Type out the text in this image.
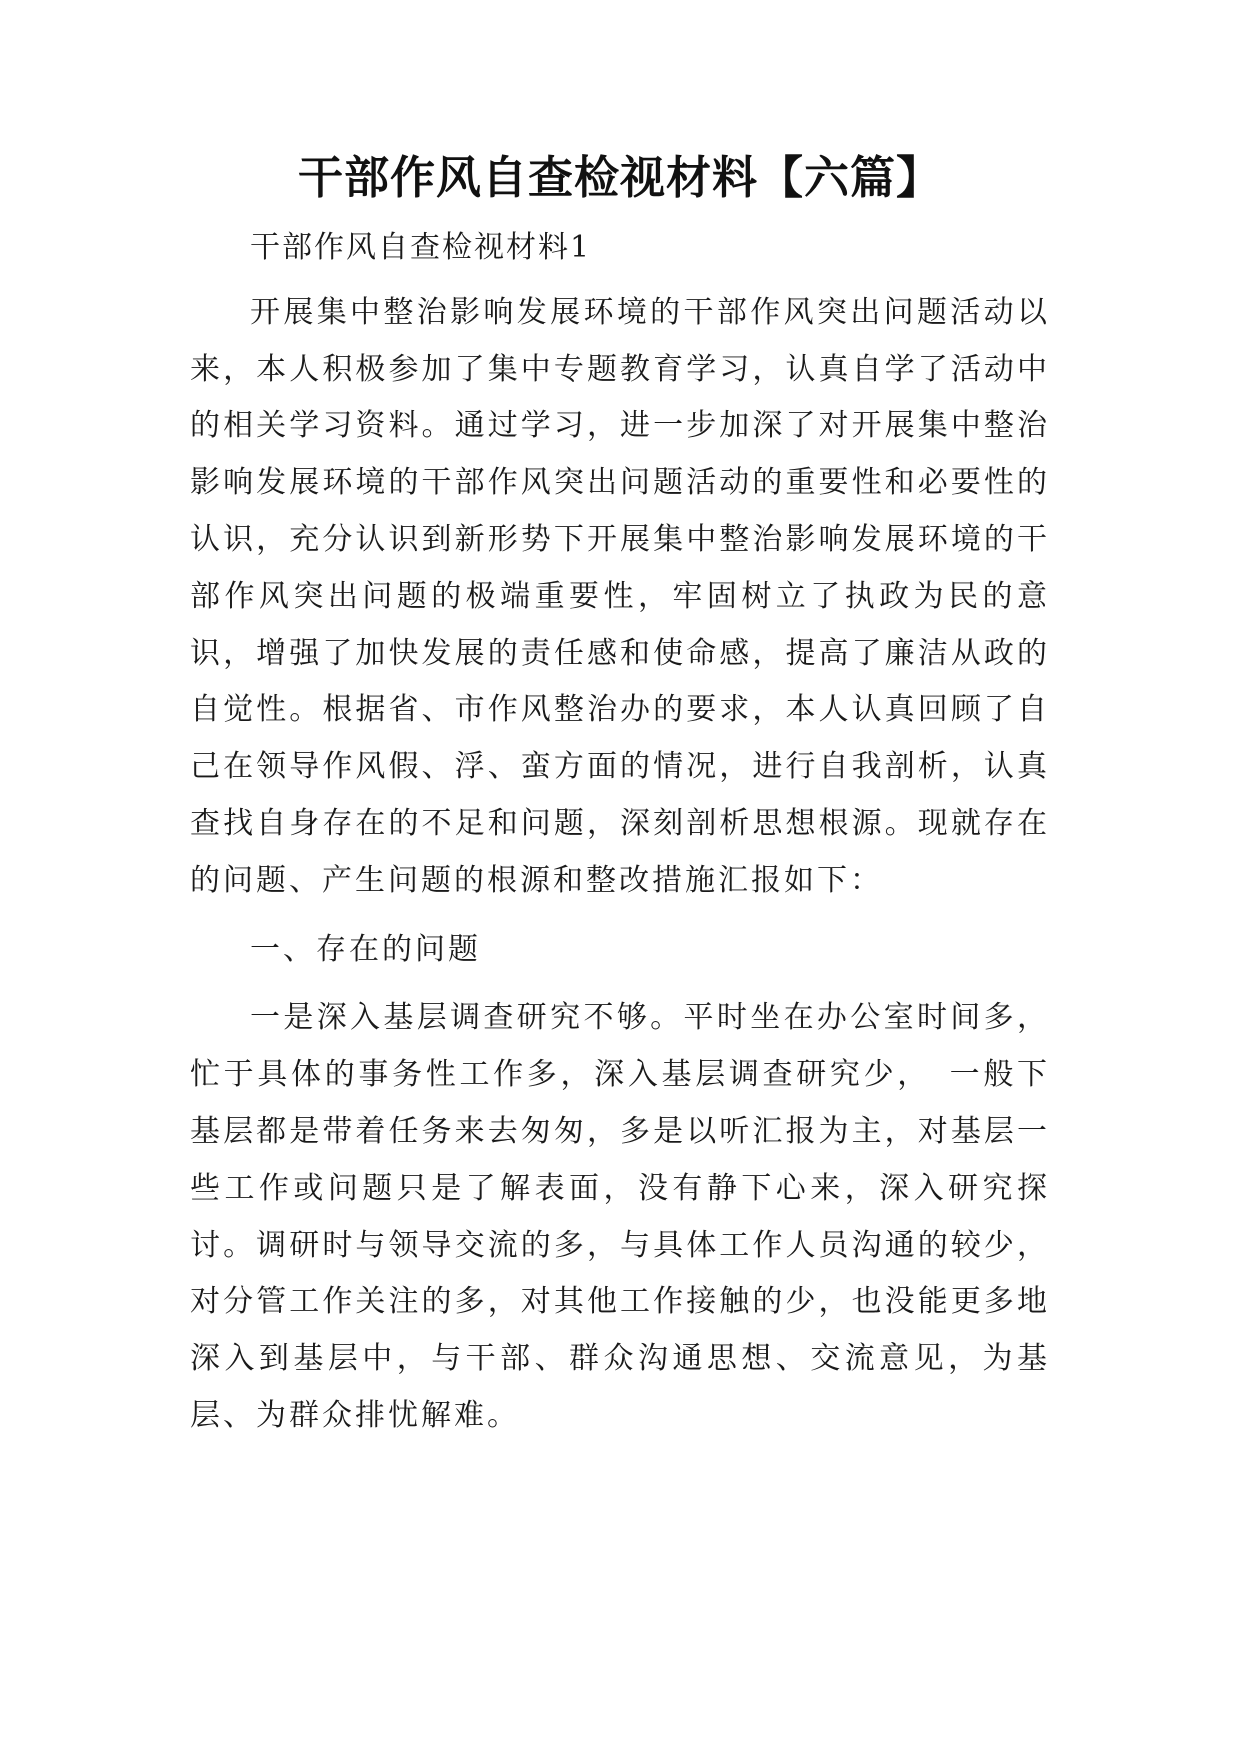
干部作风自查检视材料【六篇】

干部作风自查检视材料1

开展集中整治影响发展环境的干部作风突出问题活动以来，本人积极参加了集中专题教育学习，认真自学了活动中的相关学习资料。通过学习，进一步加深了对开展集中整治影响发展环境的干部作风突出问题活动的重要性和必要性的认识，充分认识到新形势下开展集中整治影响发展环境的干部作风突出问题的极端重要性，牢固树立了执政为民的意识，增强了加快发展的责任感和使命感，提高了廉洁从政的自觉性。根据省、市作风整治办的要求，本人认真回顾了自己在领导作风假、浮、蛮方面的情况，进行自我剖析，认真查找自身存在的不足和问题，深刻剖析思想根源。现就存在的问题、产生问题的根源和整改措施汇报如下：

一、存在的问题

一是深入基层调查研究不够。平时坐在办公室时间多，忙于具体的事务性工作多，深入基层调查研究少，　一般下基层都是带着任务来去匆匆，多是以听汇报为主，对基层一些工作或问题只是了解表面，没有静下心来，深入研究探讨。调研时与领导交流的多，与具体工作人员沟通的较少，对分管工作关注的多，对其他工作接触的少，也没能更多地深入到基层中，与干部、群众沟通思想、交流意见，为基层、为群众排忧解难。
